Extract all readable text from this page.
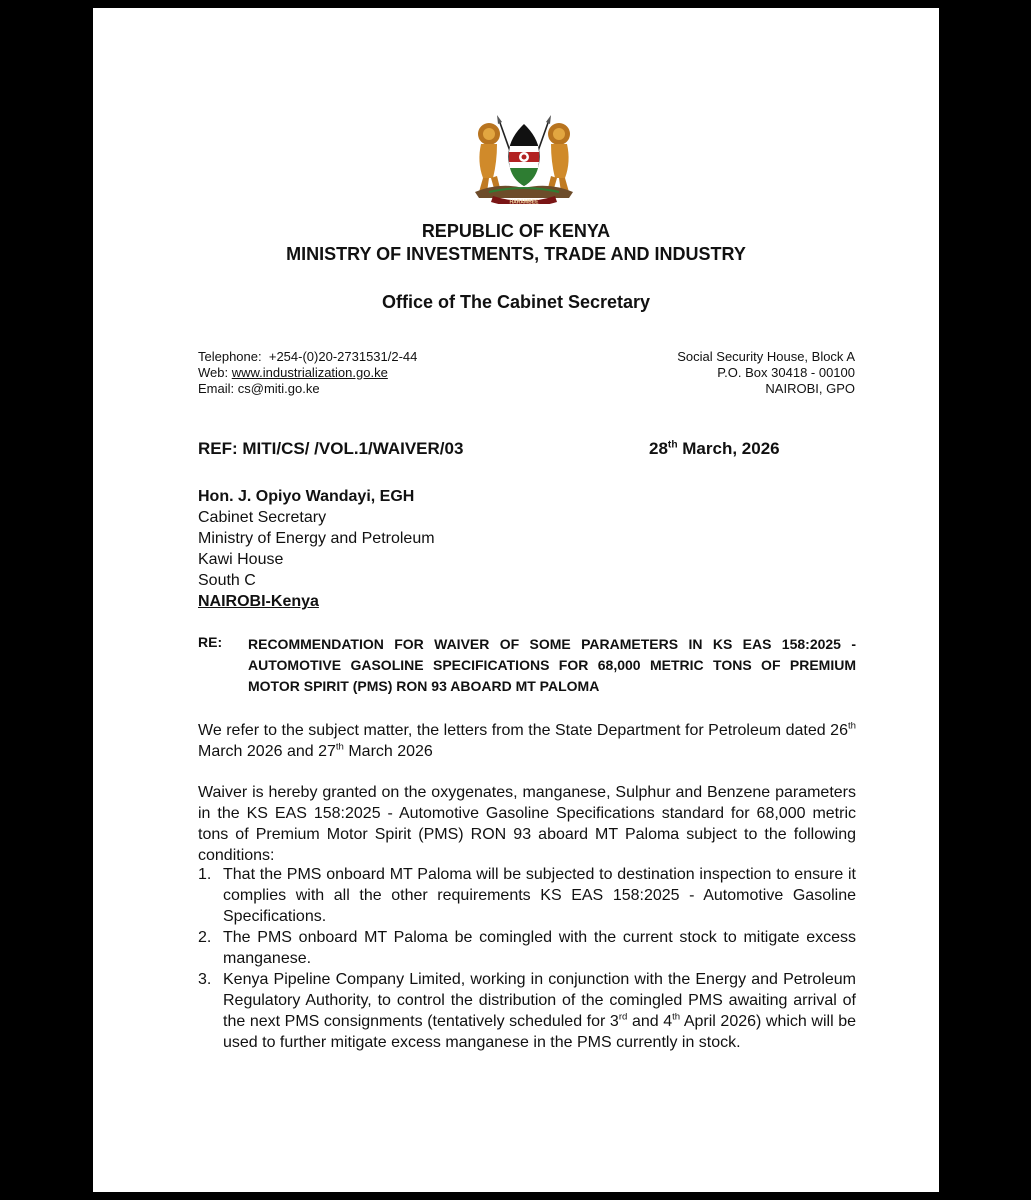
HARAMBEE
REPUBLIC OF KENYA
MINISTRY OF INVESTMENTS, TRADE AND INDUSTRY
Office of The Cabinet Secretary
Telephone: +254-(0)20-2731531/2-44
Web: www.industrialization.go.ke
Email: cs@miti.go.ke
Social Security House, Block A
P.O. Box 30418 - 00100
NAIROBI, GPO
REF: MITI/CS/ /VOL.1/WAIVER/03	28th March, 2026
Hon. J. Opiyo Wandayi, EGH
Cabinet Secretary
Ministry of Energy and Petroleum
Kawi House
South C
NAIROBI-Kenya
RE: RECOMMENDATION FOR WAIVER OF SOME PARAMETERS IN KS EAS 158:2025 - AUTOMOTIVE GASOLINE SPECIFICATIONS FOR 68,000 METRIC TONS OF PREMIUM MOTOR SPIRIT (PMS) RON 93 ABOARD MT PALOMA
We refer to the subject matter, the letters from the State Department for Petroleum dated 26th March 2026 and 27th March 2026
Waiver is hereby granted on the oxygenates, manganese, Sulphur and Benzene parameters in the KS EAS 158:2025 - Automotive Gasoline Specifications standard for 68,000 metric tons of Premium Motor Spirit (PMS) RON 93 aboard MT Paloma subject to the following conditions:
1. That the PMS onboard MT Paloma will be subjected to destination inspection to ensure it complies with all the other requirements KS EAS 158:2025 - Automotive Gasoline Specifications.
2. The PMS onboard MT Paloma be comingled with the current stock to mitigate excess manganese.
3. Kenya Pipeline Company Limited, working in conjunction with the Energy and Petroleum Regulatory Authority, to control the distribution of the comingled PMS awaiting arrival of the next PMS consignments (tentatively scheduled for 3rd and 4th April 2026) which will be used to further mitigate excess manganese in the PMS currently in stock.
